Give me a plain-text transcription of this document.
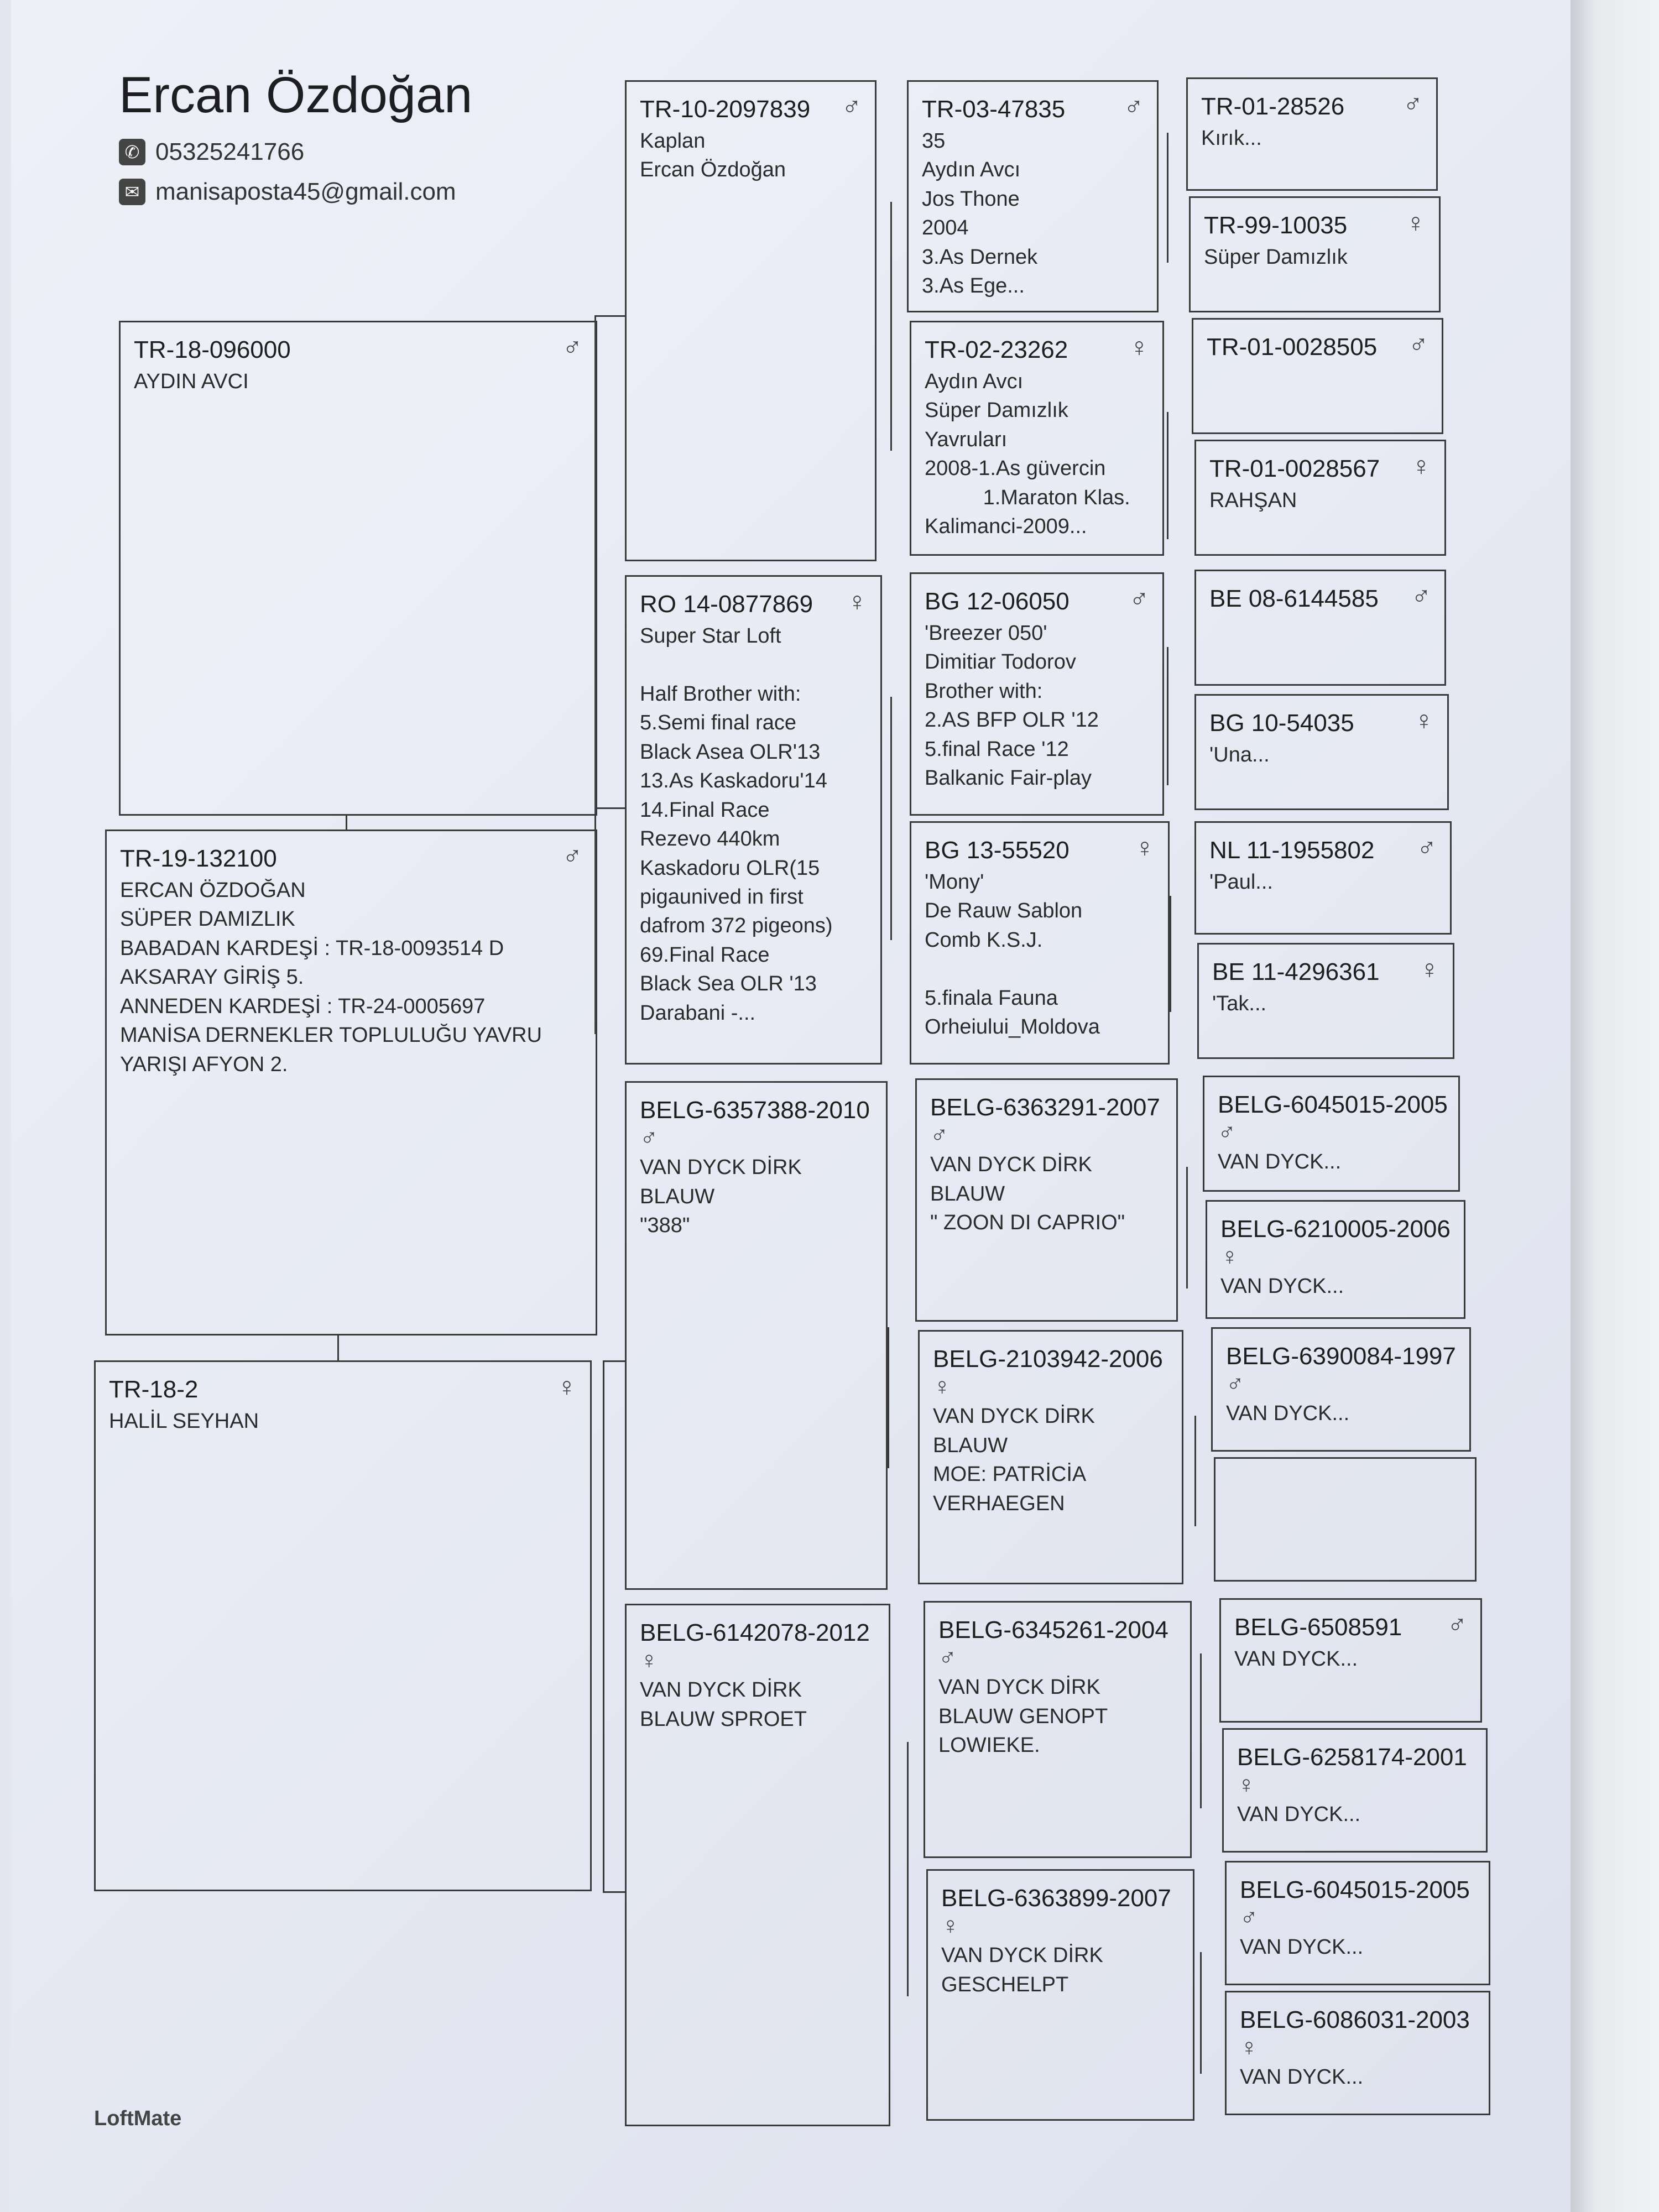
Ercan Özdoğan
✆ 05325241766
✉ manisaposta45@gmail.com
TR-18-096000	♂
AYDIN AVCI
TR-19-132100	♂
ERCAN ÖZDOĞAN
SÜPER DAMIZLIK
BABADAN KARDEŞİ : TR-18-0093514 D
AKSARAY GİRİŞ 5.
ANNEDEN KARDEŞİ : TR-24-0005697
MANİSA DERNEKLER TOPLULUĞU YAVRU
YARIŞI AFYON 2.
TR-18-2	♀
HALİL SEYHAN
TR-10-2097839	♂
Kaplan
Ercan Özdoğan
RO 14-0877869	♀
Super Star Loft

Half Brother with:
5.Semi final race
Black Asea OLR'13
13.As Kaskadoru'14
14.Final Race
Rezevo 440km
Kaskadoru OLR(15
pigaunived in first
dafrom 372 pigeons)
69.Final Race
Black Sea OLR '13
Darabani -...
BELG-6357388-2010
♂
VAN DYCK DİRK
BLAUW
"388"
BELG-6142078-2012
♀
VAN DYCK DİRK
BLAUW SPROET
TR-03-47835	♂
35
Aydın Avcı
Jos Thone
2004
3.As Dernek
3.As Ege...
TR-02-23262	♀
Aydın Avcı
Süper Damızlık
Yavruları
2008-1.As güvercin
1.Maraton Klas.
Kalimanci-2009...
BG 12-06050	♂
'Breezer 050'
Dimitiar Todorov
Brother with:
2.AS BFP OLR '12
5.final Race '12
Balkanic Fair-play
BG 13-55520	♀
'Mony'
De Rauw Sablon
Comb K.S.J.

5.finala Fauna
Orheiului_Moldova
BELG-6363291-2007
♂
VAN DYCK DİRK
BLAUW
" ZOON DI CAPRIO"
BELG-2103942-2006
♀
VAN DYCK DİRK
BLAUW
MOE: PATRİCİA
VERHAEGEN
BELG-6345261-2004
♂
VAN DYCK DİRK
BLAUW GENOPT
LOWIEKE.
BELG-6363899-2007
♀
VAN DYCK DİRK
GESCHELPT
TR-01-28526	♂
Kırık...
TR-99-10035	♀
Süper Damızlık
TR-01-0028505	♂
TR-01-0028567	♀
RAHŞAN
BE 08-6144585	♂
BG 10-54035	♀
'Una...
NL 11-1955802	♂
'Paul...
BE 11-4296361	♀
'Tak...
BELG-6045015-2005
♂
VAN DYCK...
BELG-6210005-2006
♀
VAN DYCK...
BELG-6390084-1997
♂
VAN DYCK...
BELG-6508591	♂
VAN DYCK...
BELG-6258174-2001
♀
VAN DYCK...
BELG-6045015-2005
♂
VAN DYCK...
BELG-6086031-2003
♀
VAN DYCK...
LoftMate
